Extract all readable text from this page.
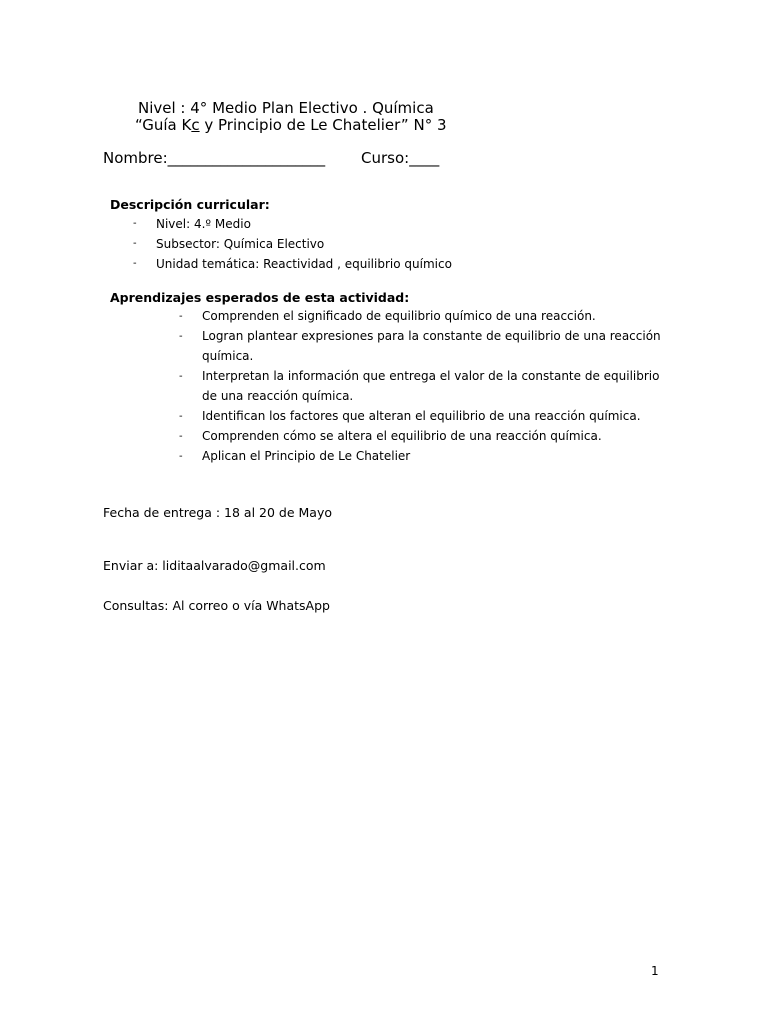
Nivel : 4° Medio Plan Electivo . Química
“Guía Kc y Principio de Le Chatelier” N° 3
Nombre:_____________________ Curso:____
Descripción curricular:
- Nivel: 4.º Medio
- Subsector: Química Electivo
- Unidad temática: Reactividad , equilibrio químico
Aprendizajes esperados de esta actividad:
- Comprenden el significado de equilibrio químico de una reacción.
- Logran plantear expresiones para la constante de equilibrio de una reacción
química.
- Interpretan la información que entrega el valor de la constante de equilibrio
de una reacción química.
- Identifican los factores que alteran el equilibrio de una reacción química.
- Comprenden cómo se altera el equilibrio de una reacción química.
- Aplican el Principio de Le Chatelier
Fecha de entrega : 18 al 20 de Mayo
Enviar a: liditaalvarado@gmail.com
Consultas: Al correo o vía WhatsApp
1
